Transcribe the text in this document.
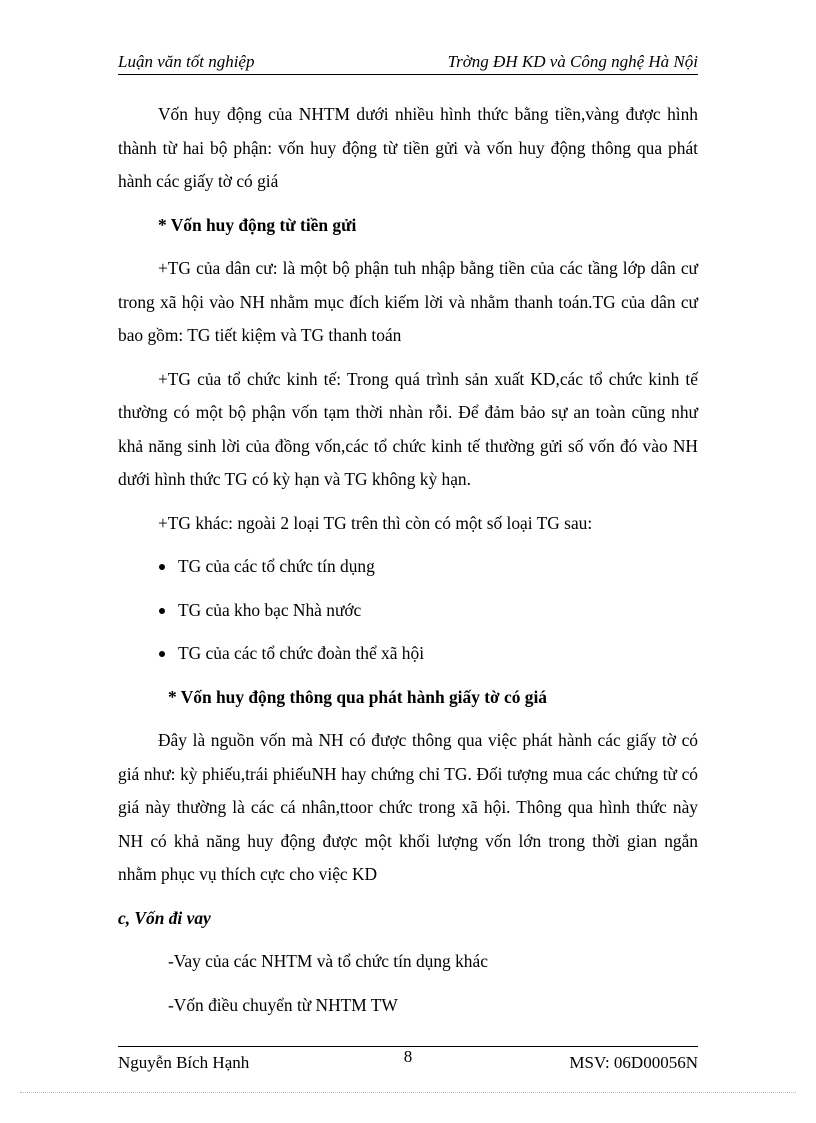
Luận văn tốt nghiệp	Trờng ĐH KD và Công nghệ Hà Nội

Vốn huy động của NHTM dưới nhiều hình thức bằng tiền,vàng được hình thành từ hai bộ phận: vốn huy động từ tiền gửi và vốn huy động thông qua phát hành các giấy tờ có giá

* Vốn huy động từ tiền gửi

+TG của dân cư: là một bộ phận tuh nhập bằng tiền của các tầng lớp dân cư trong xã hội vào NH nhằm mục đích kiếm lời và nhằm thanh toán.TG của dân cư bao gồm: TG tiết kiệm và TG thanh toán

+TG của tổ chức kinh tế: Trong quá trình sản xuất KD,các tổ chức kinh tế thường có một bộ phận vốn tạm thời nhàn rỗi. Để đảm bảo sự an toàn cũng như khả năng sinh lời của đồng vốn,các tổ chức kinh tế thường gửi số vốn đó vào NH dưới hình thức TG có kỳ hạn và TG không kỳ hạn.

+TG khác: ngoài 2 loại TG trên thì còn có một số loại TG sau:

TG của các tổ chức tín dụng
TG của kho bạc Nhà nước
TG của các tổ chức đoàn thể xã hội

* Vốn huy động thông qua phát hành giấy tờ có giá

Đây là nguồn vốn mà NH có được thông qua việc phát hành các giấy tờ có giá như: kỳ phiếu,trái phiếuNH hay chứng chỉ TG. Đối tượng mua các chứng từ có giá này thường là các cá nhân,ttoor chức trong xã hội. Thông qua hình thức này NH có khả năng huy động được một khối lượng vốn lớn trong thời gian ngắn nhằm phục vụ thích cực cho việc KD

c, Vốn đi vay

-Vay của các NHTM và tổ chức tín dụng khác

-Vốn điều chuyển từ NHTM TW

Nguyễn Bích Hạnh	8	MSV: 06D00056N
